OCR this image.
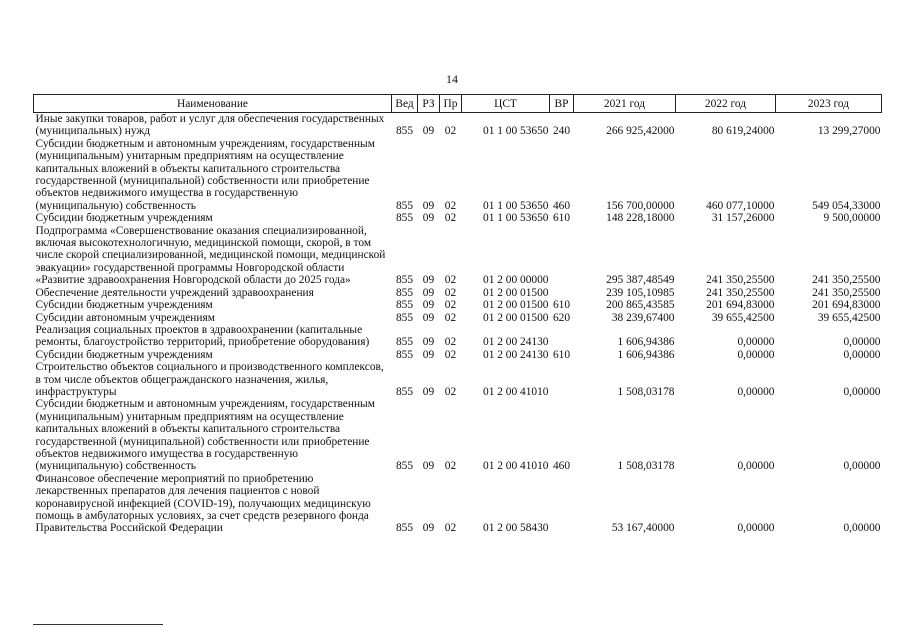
14
Наименование	Вед	РЗ	Пр	ЦСТ	ВР	2021 год	2022 год	2023 год
Иные закупки товаров, работ и услуг для обеспечения государственных (муниципальных) нужд	855	09	02	01 1 00 53650	240	266 925,42000	80 619,24000	13 299,27000
Субсидии бюджетным и автономным учреждениям, государственным (муниципальным) унитарным предприятиям на осуществление капитальных вложений в объекты капитального строительства государственной (муниципальной) собственности или приобретение объектов недвижимого имущества в государственную (муниципальную) собственность	855	09	02	01 1 00 53650	460	156 700,00000	460 077,10000	549 054,33000
Субсидии бюджетным учреждениям	855	09	02	01 1 00 53650	610	148 228,18000	31 157,26000	9 500,00000
Подпрограмма «Совершенствование оказания специализированной, включая высокотехнологичную, медицинской помощи, скорой, в том числе скорой специализированной, медицинской помощи, медицинской эвакуации» государственной программы Новгородской области «Развитие здравоохранения Новгородской области до 2025 года»	855	09	02	01 2 00 00000		295 387,48549	241 350,25500	241 350,25500
Обеспечение деятельности учреждений здравоохранения	855	09	02	01 2 00 01500		239 105,10985	241 350,25500	241 350,25500
Субсидии бюджетным учреждениям	855	09	02	01 2 00 01500	610	200 865,43585	201 694,83000	201 694,83000
Субсидии автономным учреждениям	855	09	02	01 2 00 01500	620	38 239,67400	39 655,42500	39 655,42500
Реализация социальных проектов в здравоохранении (капитальные ремонты, благоустройство территорий, приобретение оборудования)	855	09	02	01 2 00 24130		1 606,94386	0,00000	0,00000
Субсидии бюджетным учреждениям	855	09	02	01 2 00 24130	610	1 606,94386	0,00000	0,00000
Строительство объектов социального и производственного комплексов, в том числе объектов общегражданского назначения, жилья, инфраструктуры	855	09	02	01 2 00 41010		1 508,03178	0,00000	0,00000
Субсидии бюджетным и автономным учреждениям, государственным (муниципальным) унитарным предприятиям на осуществление капитальных вложений в объекты капитального строительства государственной (муниципальной) собственности или приобретение объектов недвижимого имущества в государственную (муниципальную) собственность	855	09	02	01 2 00 41010	460	1 508,03178	0,00000	0,00000
Финансовое обеспечение мероприятий по приобретению лекарственных препаратов для лечения пациентов с новой коронавирусной инфекцией (COVID-19), получающих медицинскую помощь в амбулаторных условиях, за счет средств резервного фонда Правительства Российской Федерации	855	09	02	01 2 00 58430		53 167,40000	0,00000	0,00000
